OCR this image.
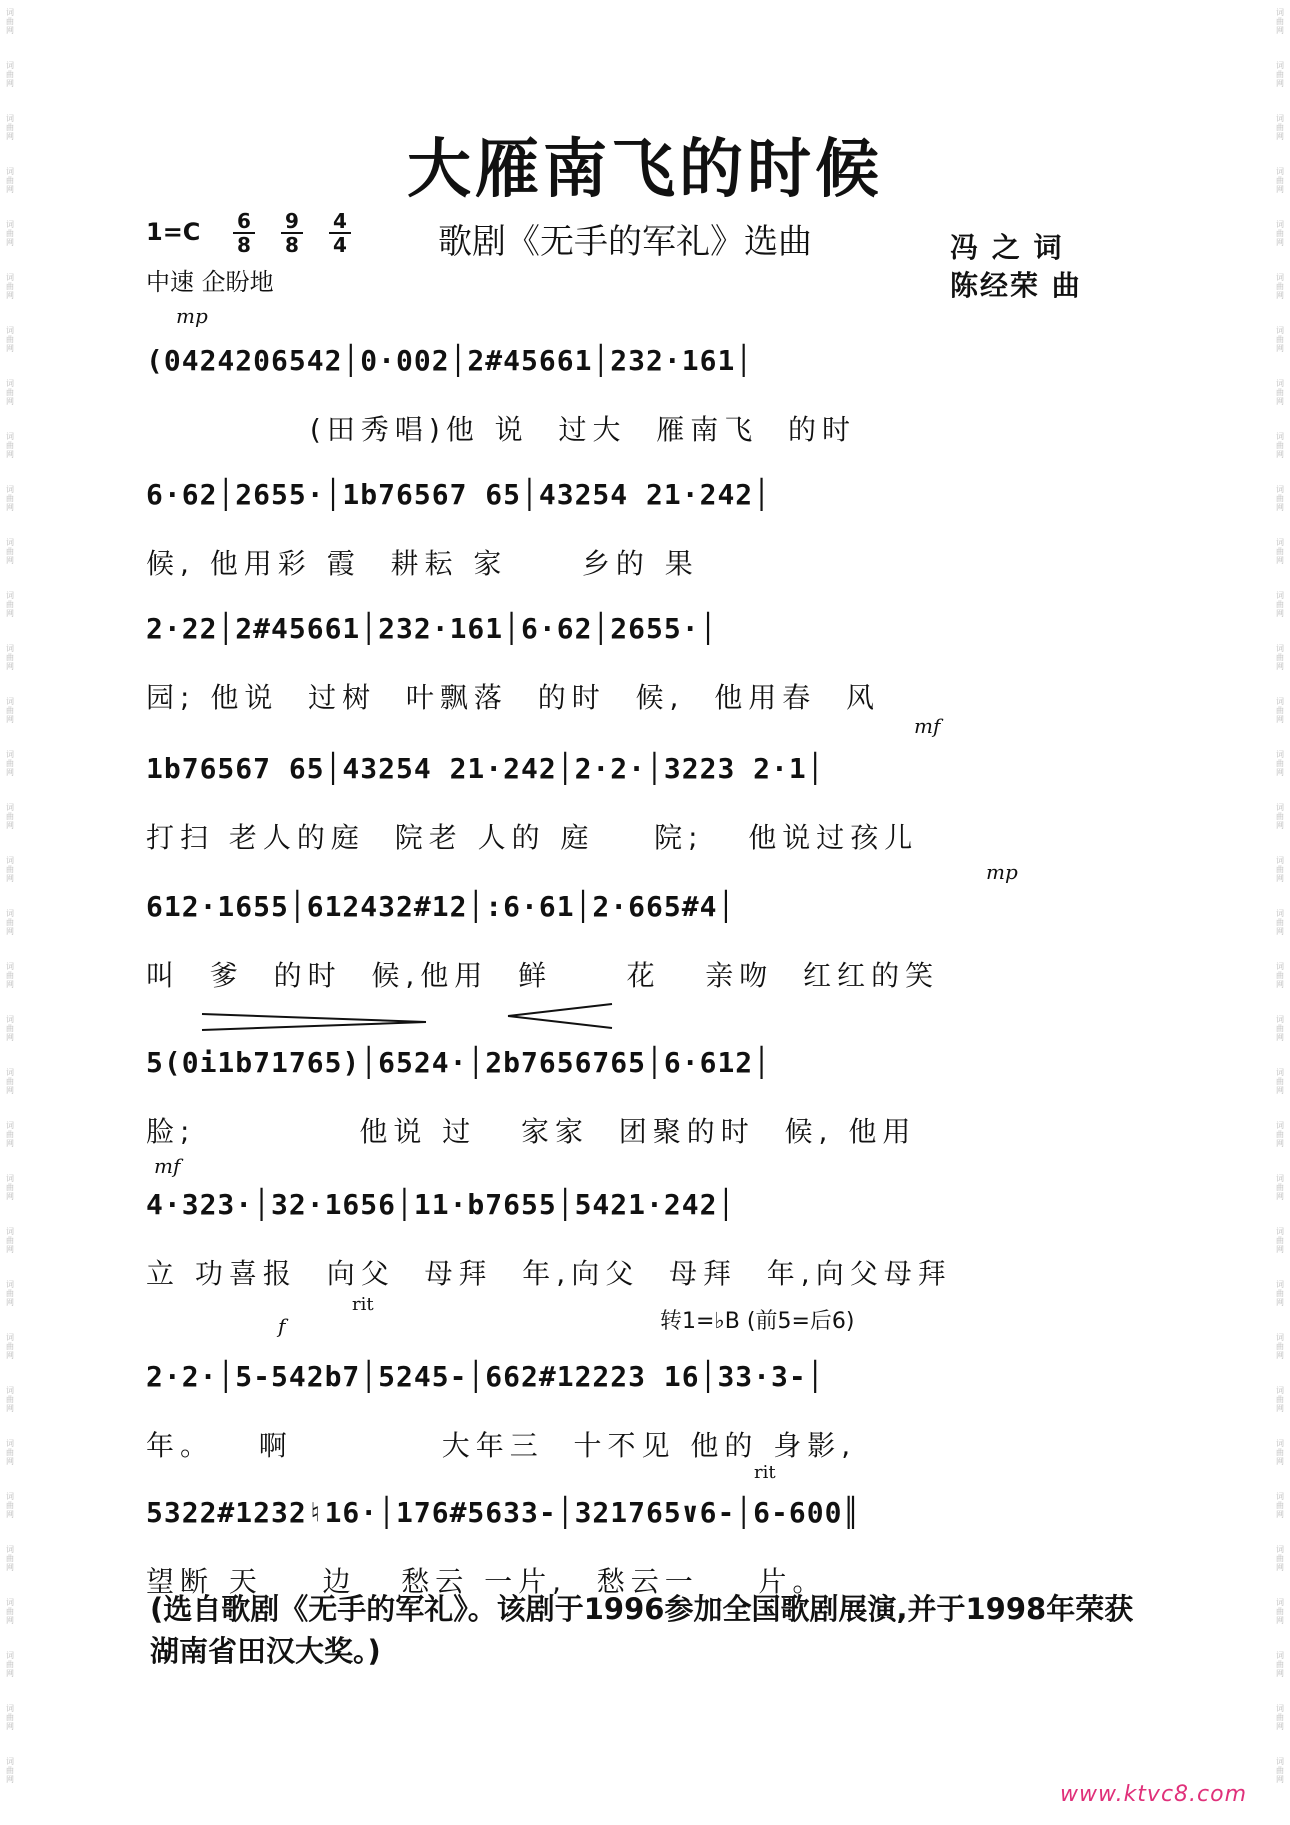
词
曲
网
词
曲
网
词
曲
网
词
曲
网
词
曲
网
词
曲
网
词
曲
网
词
曲
网
词
曲
网
词
曲
网
词
曲
网
词
曲
网
词
曲
网
词
曲
网
词
曲
网
词
曲
网
词
曲
网
词
曲
网
词
曲
网
词
曲
网
词
曲
网
词
曲
网
词
曲
网
词
曲
网
词
曲
网
词
曲
网
词
曲
网
词
曲
网
词
曲
网
词
曲
网
词
曲
网
词
曲
网
词
曲
网
词
曲
网
词
曲
网
词
曲
网
词
曲
网
词
曲
网
词
曲
网
词
曲
网
词
曲
网
词
曲
网
词
曲
网
词
曲
网
词
曲
网
词
曲
网
词
曲
网
词
曲
网
词
曲
网
词
曲
网
词
曲
网
词
曲
网
词
曲
网
词
曲
网
词
曲
网
词
曲
网
词
曲
网
词
曲
网
词
曲
网
词
曲
网
词
曲
网
词
曲
网
词
曲
网
词
曲
网
词
曲
网
词
曲
网
词
曲
网
词
曲
网
大雁南飞的时候
$1=C \frac{6}{8} \frac{9}{8} \frac{4}{4}$	歌剧《无手的军礼》选曲
中速 企盼地
冯 之 词
陈经荣 曲
mp
(0424206542│0·002│2#45661│232·161│
(田秀唱)他 说  过大  雁南飞  的时
6·62│2655·│1b76567 65│43254 21·242│
候, 他用彩 霞  耕耘 家     乡的 果
2·22│2#45661│232·161│6·62│2655·│
园; 他说  过树  叶飘落  的时  候,  他用春  风
mf
1b76567 65│43254 21·242│2·2·│3223 2·1│
打扫 老人的庭  院老 人的 庭    院;   他说过孩儿
mp
612·1655│612432#12│:6·61│2·665#4│
叫  爹  的时  候,他用  鲜     花   亲吻  红红的笑
5(0i1b71765)│6524·│2b7656765│6·612│
脸;           他说 过   家家  团聚的时  候, 他用
mf
4·323·│32·1656│11·b7655│5421·242│
立 功喜报  向父  母拜  年,向父  母拜  年,向父母拜
f
rit
转1=♭B (前5=后6)
2·2·│5-542b7│5245-│662#12223 16│33·3-│
年。   啊          大年三  十不见 他的 身影,
rit
5322#1232♮16·│176#5633-│321765∨6-│6-600║
望断 天    边   愁云 一片,  愁云一    片。
(选自歌剧《无手的军礼》。该剧于1996参加全国歌剧展演,并于1998年荣获湖南省田汉大奖。)
www.ktvc8.com
